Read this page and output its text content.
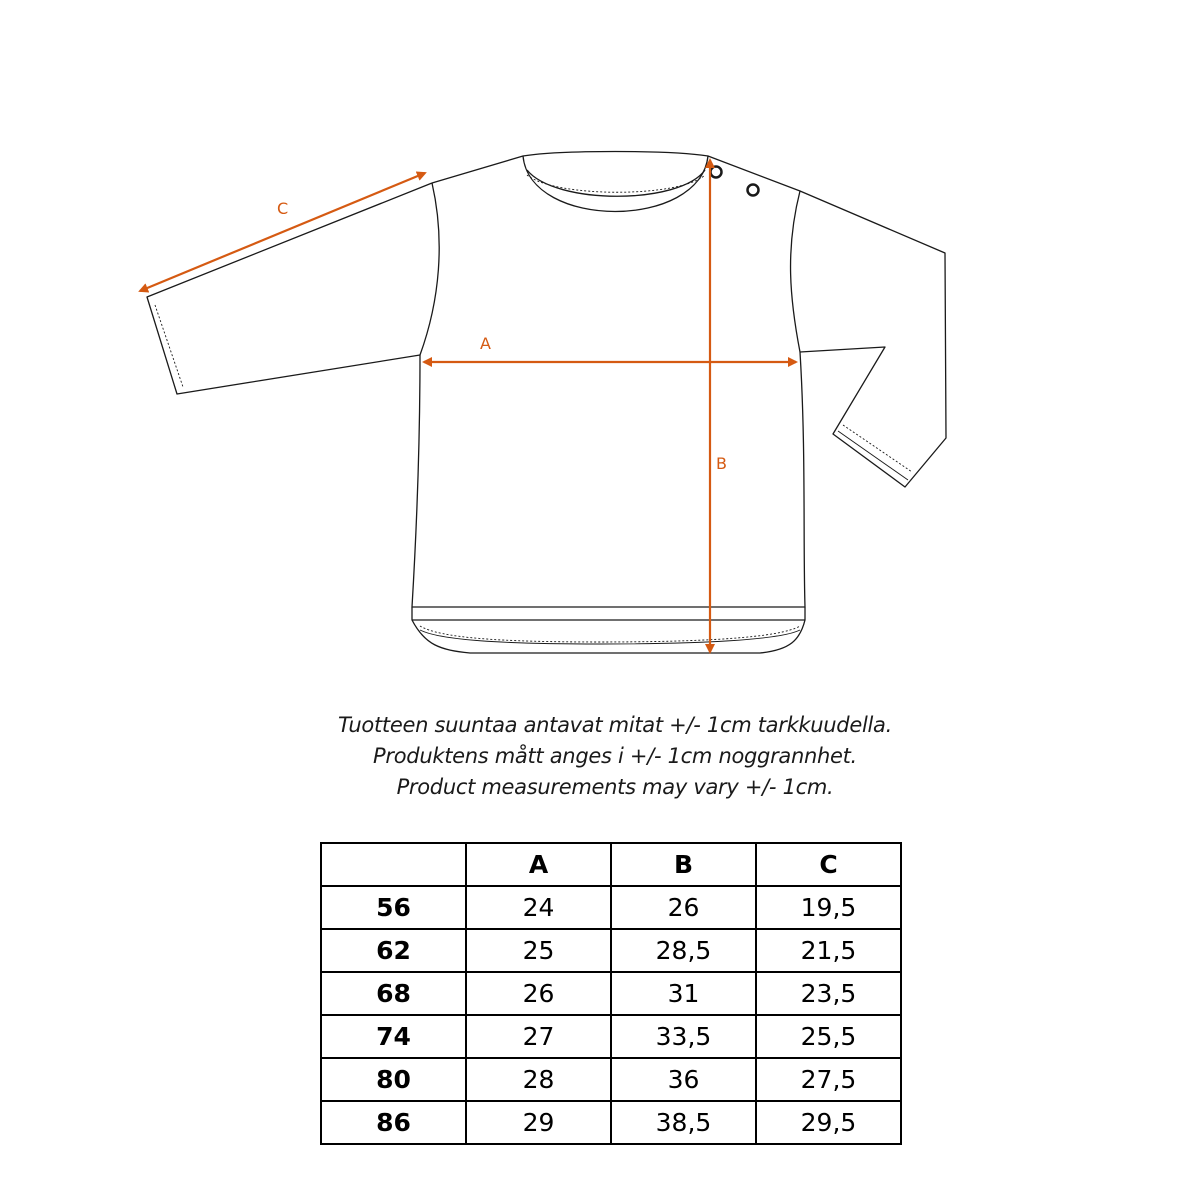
A
B
C
Tuotteen suuntaa antavat mitat +/- 1cm tarkkuudella.
Produktens mått anges i +/- 1cm noggrannhet.
Product measurements may vary +/- 1cm.
	A	B	C
56	24	26	19,5
62	25	28,5	21,5
68	26	31	23,5
74	27	33,5	25,5
80	28	36	27,5
86	29	38,5	29,5
